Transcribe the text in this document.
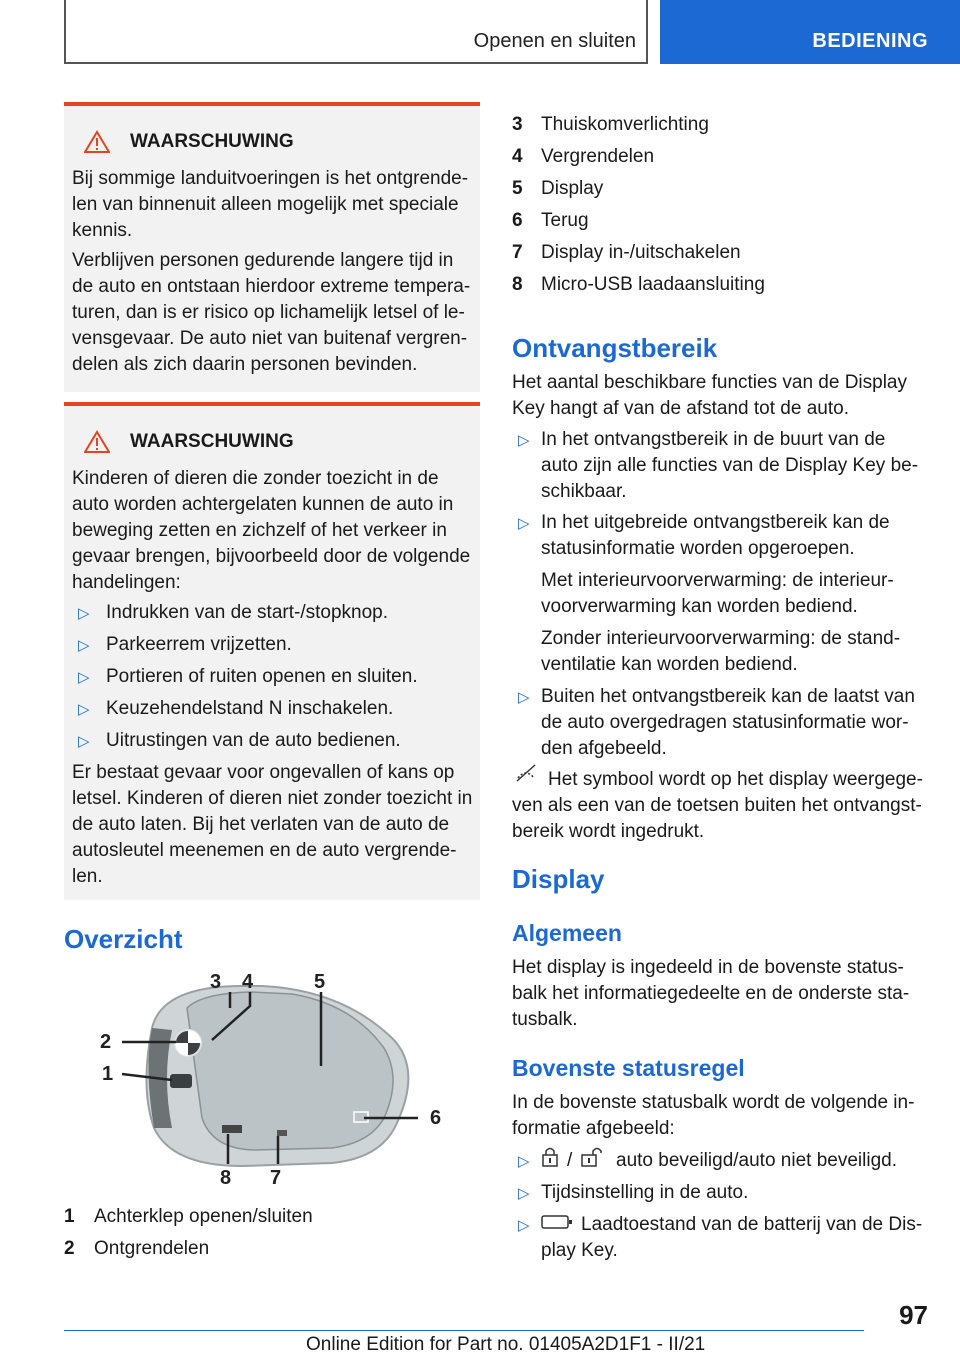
Openen en sluiten	BEDIENING
WAARSCHUWING
Bij sommige landuitvoeringen is het ontgrende-
len van binnenuit alleen mogelijk met speciale
kennis.
Verblijven personen gedurende langere tijd in
de auto en ontstaan hierdoor extreme tempera-
turen, dan is er risico op lichamelijk letsel of le-
vensgevaar. De auto niet van buitenaf vergren-
delen als zich daarin personen bevinden.
WAARSCHUWING
Kinderen of dieren die zonder toezicht in de
auto worden achtergelaten kunnen de auto in
beweging zetten en zichzelf of het verkeer in
gevaar brengen, bijvoorbeeld door de volgende
handelingen:
▷ Indrukken van de start-/stopknop.
▷ Parkeerrem vrijzetten.
▷ Portieren of ruiten openen en sluiten.
▷ Keuzehendelstand N inschakelen.
▷ Uitrustingen van de auto bedienen.
Er bestaat gevaar voor ongevallen of kans op
letsel. Kinderen of dieren niet zonder toezicht in
de auto laten. Bij het verlaten van de auto de
autosleutel meenemen en de auto vergrende-
len.
Overzicht
3 4	5
2
1
6
8 7
1 Achterklep openen/sluiten
2 Ontgrendelen
3 Thuiskomverlichting
4 Vergrendelen
5 Display
6 Terug
7 Display in-/uitschakelen
8 Micro-USB laadaansluiting
Ontvangstbereik
Het aantal beschikbare functies van de Display
Key hangt af van de afstand tot de auto.
▷ In het ontvangstbereik in de buurt van de
auto zijn alle functies van de Display Key be-
schikbaar.
▷ In het uitgebreide ontvangstbereik kan de
statusinformatie worden opgeroepen.
Met interieurvoorverwarming: de interieur-
voorverwarming kan worden bediend.
Zonder interieurvoorverwarming: de stand-
ventilatie kan worden bediend.
▷ Buiten het ontvangstbereik kan de laatst van
de auto overgedragen statusinformatie wor-
den afgebeeld.
Het symbool wordt op het display weergege-
ven als een van de toetsen buiten het ontvangst-
bereik wordt ingedrukt.
Display
Algemeen
Het display is ingedeeld in de bovenste status-
balk het informatiegedeelte en de onderste sta-
tusbalk.
Bovenste statusregel
In de bovenste statusbalk wordt de volgende in-
formatie afgebeeld:
▷ / auto beveiligd/auto niet beveiligd.
▷ Tijdsinstelling in de auto.
▷	Laadtoestand van de batterij van de Dis-
play Key.
97
Online Edition for Part no. 01405A2D1F1 - II/21
